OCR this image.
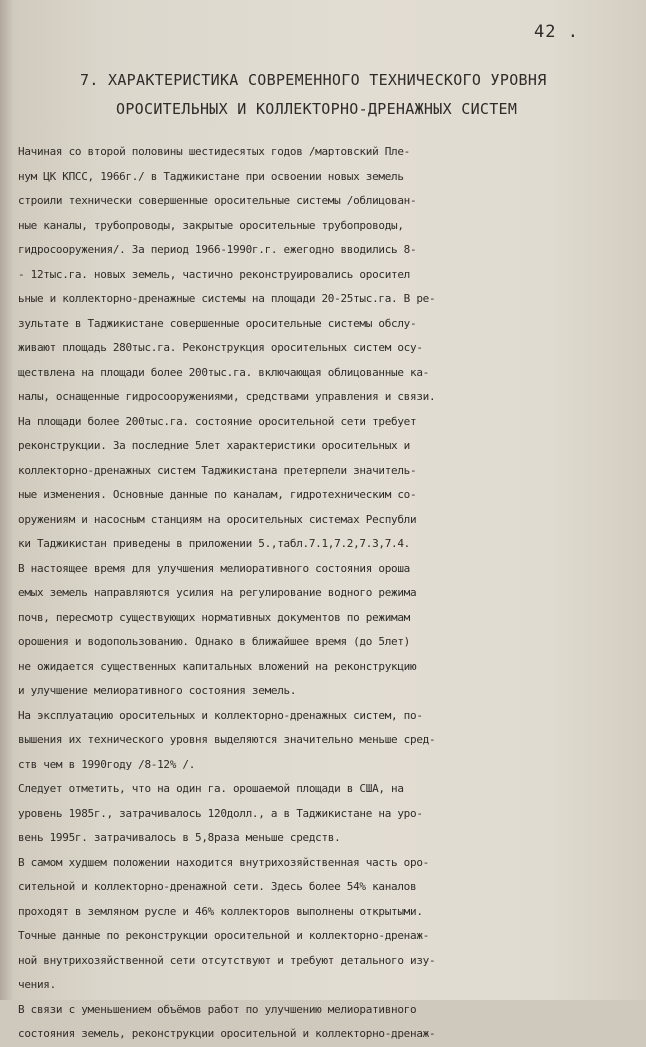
42 .
7. ХАРАКТЕРИСТИКА СОВРЕМЕННОГО ТЕХНИЧЕСКОГО УРОВНЯ
ОРОСИТЕЛЬНЫХ И КОЛЛЕКТОРНО-ДРЕНАЖНЫХ СИСТЕМ
Начиная со второй половины шестидесятых годов /мартовский Пле-
нум ЦК КПСС, 1966г./ в Таджикистане при освоении новых земель
строили технически совершенные оросительные системы /облицован-
ные каналы, трубопроводы, закрытые оросительные трубопроводы,
гидросооружения/. За период 1966-1990г.г. ежегодно вводились 8-
- 12тыс.га. новых земель, частично реконструировались оросител
ьные и коллекторно-дренажные системы на площади 20-25тыс.га. В ре-
зультате в Таджикистане совершенные оросительные системы обслу-
живают площадь 280тыс.га. Реконструкция оросительных систем осу-
ществлена на площади более 200тыс.га. включающая облицованные ка-
налы, оснащенные гидросооружениями, средствами управления и связи.
На площади более 200тыс.га. состояние оросительной сети требует
реконструкции. За последние 5лет характеристики оросительных и
коллекторно-дренажных систем Таджикистана претерпели значитель-
ные изменения. Основные данные по каналам, гидротехническим со-
оружениям и насосным станциям на оросительных системах Республи
ки Таджикистан приведены в приложении 5.,табл.7.1,7.2,7.3,7.4.
В настоящее время для улучшения мелиоративного состояния ороша
емых земель направляются усилия на регулирование водного режима
почв, пересмотр существующих нормативных документов по режимам
орошения и водопользованию. Однако в ближайшее время (до 5лет)
не ожидается существенных капитальных вложений на реконструкцию
и улучшение мелиоративного состояния земель.
На эксплуатацию оросительных и коллекторно-дренажных систем, по-
вышения их технического уровня выделяются значительно меньше сред-
ств чем в 1990году /8-12% /.
Следует отметить, что на один га. орошаемой площади в США, на
уровень 1985г., затрачивалось 120долл., а в Таджикистане на уро-
вень 1995г. затрачивалось в 5,8раза меньше средств.
В самом худшем положении находится внутрихозяйственная часть оро-
сительной и коллекторно-дренажной сети. Здесь более 54% каналов
проходят в земляном русле и 46% коллекторов выполнены открытыми.
Точные данные по реконструкции оросительной и коллекторно-дренаж-
ной внутрихозяйственной сети отсутствуют и требуют детального изу-
чения.
В связи с уменьшением объёмов работ по улучшению мелиоративного
состояния земель, реконструкции оросительной и коллекторно-дренаж-
